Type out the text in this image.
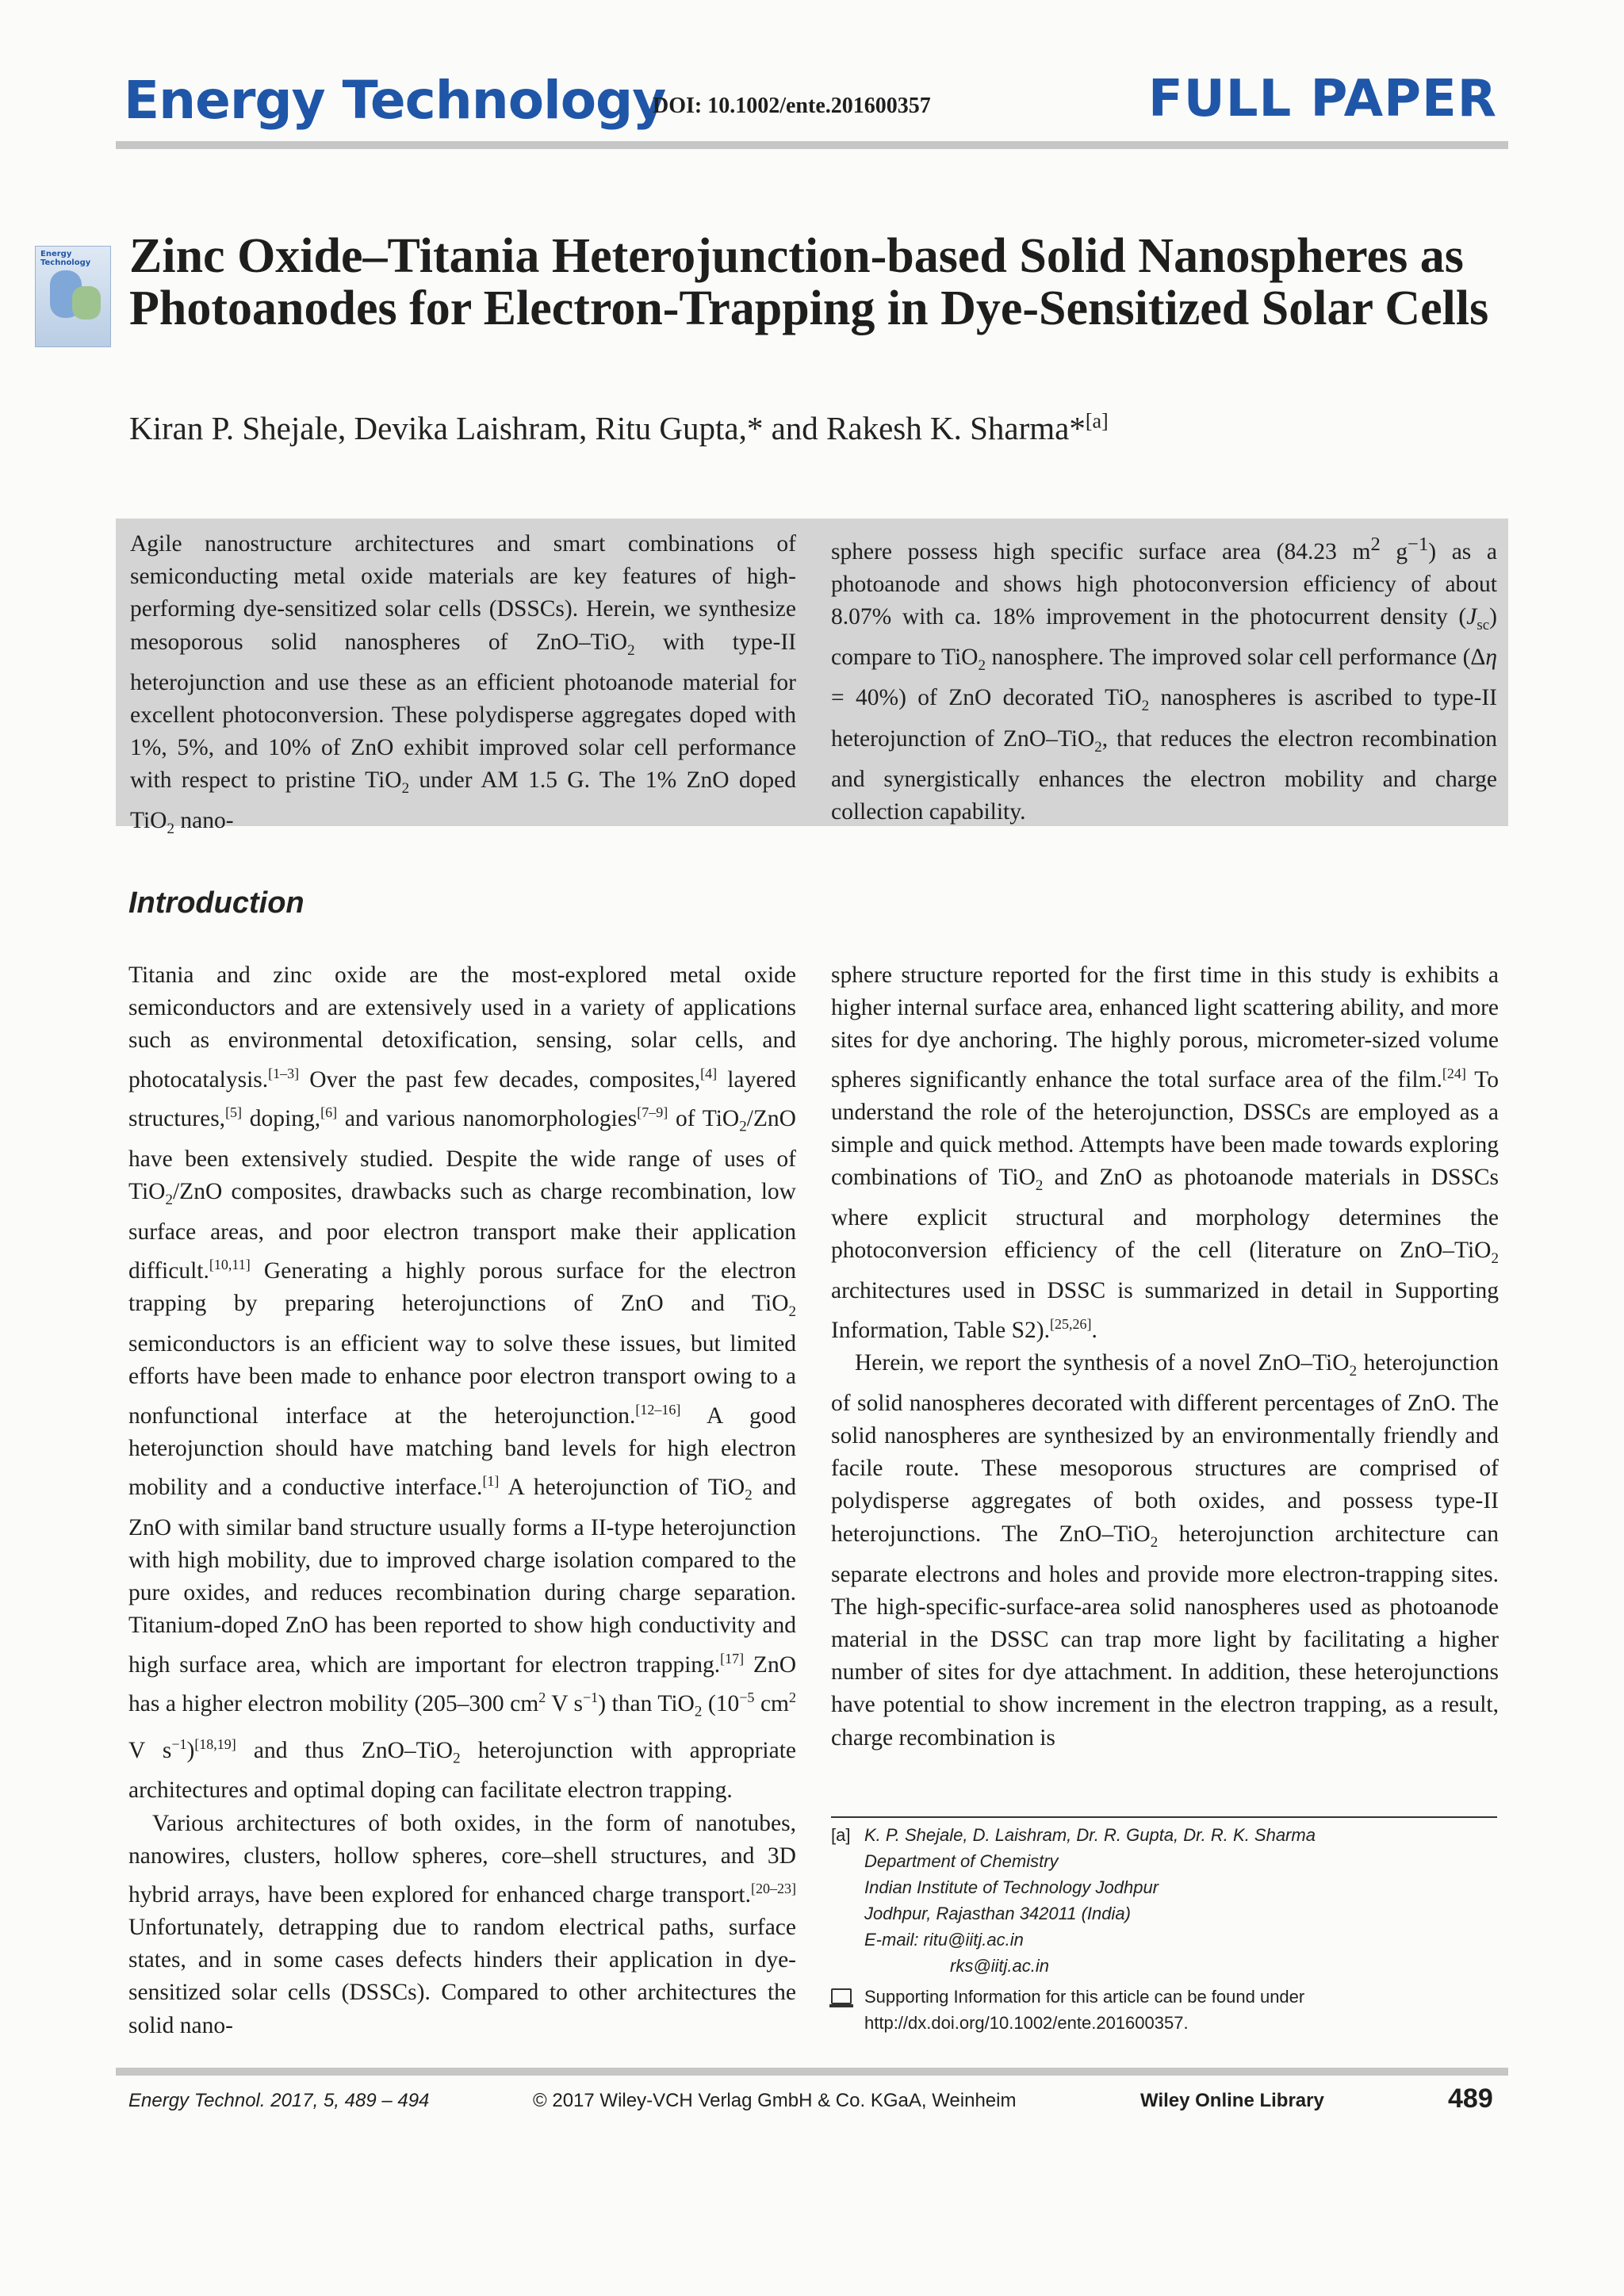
Energy Technology
DOI: 10.1002/ente.201600357	FULL PAPER
Energy Technology Zinc Oxide–Titania Heterojunction-based Solid Nanospheres as Photoanodes for Electron-Trapping in Dye-Sensitized Solar Cells
Kiran P. Shejale, Devika Laishram, Ritu Gupta,* and Rakesh K. Sharma*[a]
Agile nanostructure architectures and smart combinations of semiconducting metal oxide materials are key features of high-performing dye-sensitized solar cells (DSSCs). Herein, we synthesize mesoporous solid nanospheres of ZnO–TiO$_2$ with type-II heterojunction and use these as an efficient photoanode material for excellent photoconversion. These polydisperse aggregates doped with 1%, 5%, and 10% of ZnO exhibit improved solar cell performance with respect to pristine TiO$_2$ under AM 1.5 G. The 1% ZnO doped TiO$_2$ nano-
sphere possess high specific surface area (84.23 $m^2$ $g^{-1}$) as a photoanode and shows high photoconversion efficiency of about 8.07% with ca. 18% improvement in the photocurrent density $(J_{sc})$ compare to TiO$_2$ nanosphere. The improved solar cell performance (Δη = 40%) of ZnO decorated TiO$_2$ nanospheres is ascribed to type-II heterojunction of ZnO–TiO$_2$, that reduces the electron recombination and synergistically enhances the electron mobility and charge collection capability.
Introduction

Titania and zinc oxide are the most-explored metal oxide semiconductors and are extensively used in a variety of applications such as environmental detoxification, sensing, solar cells, and photocatalysis.[1–3] Over the past few decades, composites,[4] layered structures,[5] doping,[6] and various nanomorphologies[7–9] of TiO$_2$/ZnO have been extensively studied. Despite the wide range of uses of TiO$_2$/ZnO composites, drawbacks such as charge recombination, low surface areas, and poor electron transport make their application difficult.[10,11] Generating a highly porous surface for the electron trapping by preparing heterojunctions of ZnO and TiO$_2$ semiconductors is an efficient way to solve these issues, but limited efforts have been made to enhance poor electron transport owing to a nonfunctional interface at the heterojunction.[12–16] A good heterojunction should have matching band levels for high electron mobility and a conductive interface.[1] A heterojunction of TiO$_2$ and ZnO with similar band structure usually forms a II-type heterojunction with high mobility, due to improved charge isolation compared to the pure oxides, and reduces recombination during charge separation. Titanium-doped ZnO has been reported to show high conductivity and high surface area, which are important for electron trapping.[17] ZnO has a higher electron mobility (205–300 $cm^2$ V $s^{-1}$) than TiO$_2$ ($10^{-5}$ $cm^2$ V $s^{-1})[18,19]$ and thus ZnO–TiO$_2$ heterojunction with appropriate architectures and optimal doping can facilitate electron trapping.

Various architectures of both oxides, in the form of nanotubes, nanowires, clusters, hollow spheres, core–shell structures, and 3D hybrid arrays, have been explored for enhanced charge transport.[20–23] Unfortunately, detrapping due to random electrical paths, surface states, and in some cases defects hinders their application in dye-sensitized solar cells (DSSCs). Compared to other architectures the solid nano-

sphere structure reported for the first time in this study is exhibits a higher internal surface area, enhanced light scattering ability, and more sites for dye anchoring. The highly porous, micrometer-sized volume spheres significantly enhance the total surface area of the film.[24] To understand the role of the heterojunction, DSSCs are employed as a simple and quick method. Attempts have been made towards exploring combinations of TiO$_2$ and ZnO as photoanode materials in DSSCs where explicit structural and morphology determines the photoconversion efficiency of the cell (literature on ZnO–TiO$_2$ architectures used in DSSC is summarized in detail in Supporting Information, Table S2).[25,26].

Herein, we report the synthesis of a novel ZnO–TiO$_2$ heterojunction of solid nanospheres decorated with different percentages of ZnO. The solid nanospheres are synthesized by an environmentally friendly and facile route. These mesoporous structures are comprised of polydisperse aggregates of both oxides, and possess type-II heterojunctions. The ZnO–TiO$_2$ heterojunction architecture can separate electrons and holes and provide more electron-trapping sites. The high-specific-surface-area solid nanospheres used as photoanode material in the DSSC can trap more light by facilitating a higher number of sites for dye attachment. In addition, these heterojunctions have potential to show increment in the electron trapping, as a result, charge recombination is

[a] K. P. Shejale, D. Laishram, Dr. R. Gupta, Dr. R. K. Sharma
Department of Chemistry
Indian Institute of Technology Jodhpur
Jodhpur, Rajasthan 342011 (India)
E-mail: ritu@iitj.ac.in
rks@iitj.ac.in
Supporting Information for this article can be found under http://dx.doi.org/10.1002/ente.201600357.
Energy Technol. 2017, 5, 489 – 494	© 2017 Wiley-VCH Verlag GmbH & Co. KGaA, Weinheim	Wiley Online Library	489
